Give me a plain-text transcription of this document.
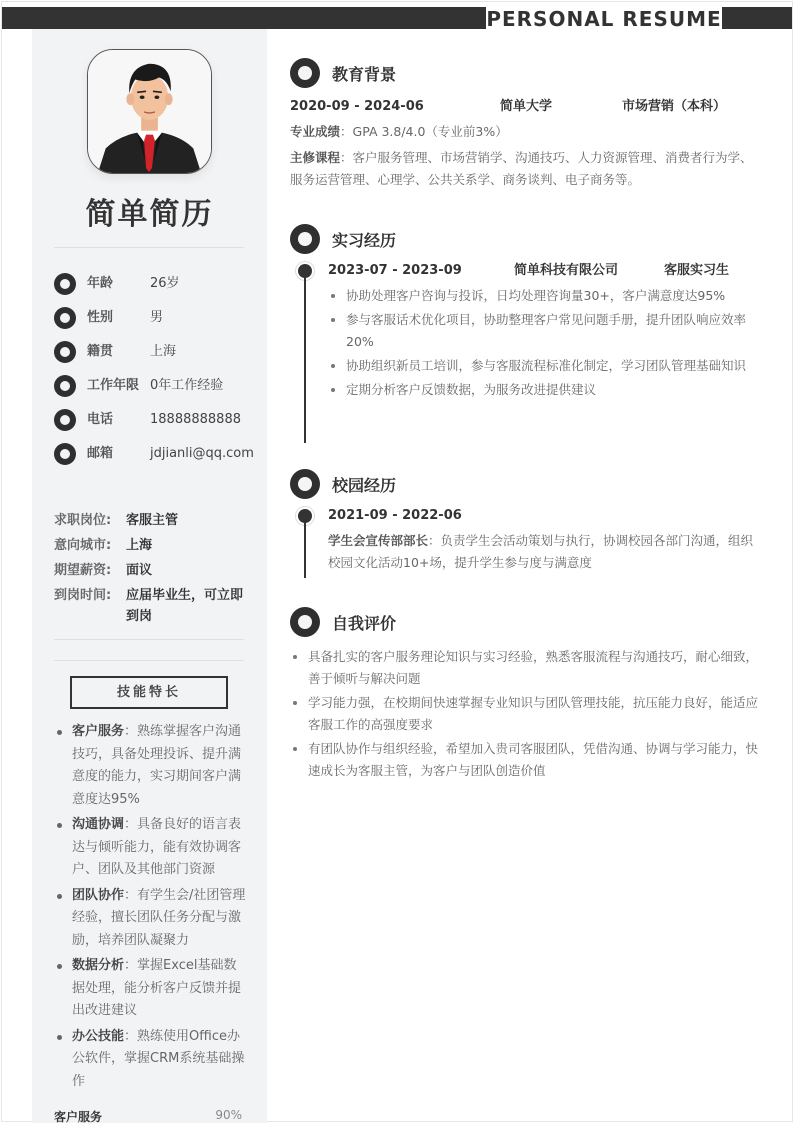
PERSONAL RESUME
简单简历
年龄	26岁
性别	男
籍贯	上海
工作年限 0年工作经验
电话	18888888888
邮箱	jdjianli@qq.com
求职岗位:	客服主管
意向城市:	上海
期望薪资:	面议
到岗时间:	应届毕业生，可立即到岗
技能特长
客户服务：熟练掌握客户沟通技巧，具备处理投诉、提升满意度的能力，实习期间客户满意度达95%
沟通协调：具备良好的语言表达与倾听能力，能有效协调客户、团队及其他部门资源
团队协作：有学生会/社团管理经验，擅长团队任务分配与激励，培养团队凝聚力
数据分析：掌握Excel基础数据处理，能分析客户反馈并提出改进建议
办公技能：熟练使用Office办公软件，掌握CRM系统基础操作
客户服务	90%
教育背景
2020-09 - 2024-06	简单大学	市场营销（本科）
专业成绩：GPA 3.8/4.0（专业前3%）
主修课程：客户服务管理、市场营销学、沟通技巧、人力资源管理、消费者行为学、服务运营管理、心理学、公共关系学、商务谈判、电子商务等。
实习经历
2023-07 - 2023-09	简单科技有限公司	客服实习生
协助处理客户咨询与投诉，日均处理咨询量30+，客户满意度达95%
参与客服话术优化项目，协助整理客户常见问题手册，提升团队响应效率20%
协助组织新员工培训，参与客服流程标准化制定，学习团队管理基础知识
定期分析客户反馈数据，为服务改进提供建议
校园经历
2021-09 - 2022-06
学生会宣传部部长：负责学生会活动策划与执行，协调校园各部门沟通，组织校园文化活动10+场，提升学生参与度与满意度
自我评价
具备扎实的客户服务理论知识与实习经验，熟悉客服流程与沟通技巧，耐心细致，善于倾听与解决问题
学习能力强，在校期间快速掌握专业知识与团队管理技能，抗压能力良好，能适应客服工作的高强度要求
有团队协作与组织经验，希望加入贵司客服团队，凭借沟通、协调与学习能力，快速成长为客服主管，为客户与团队创造价值
